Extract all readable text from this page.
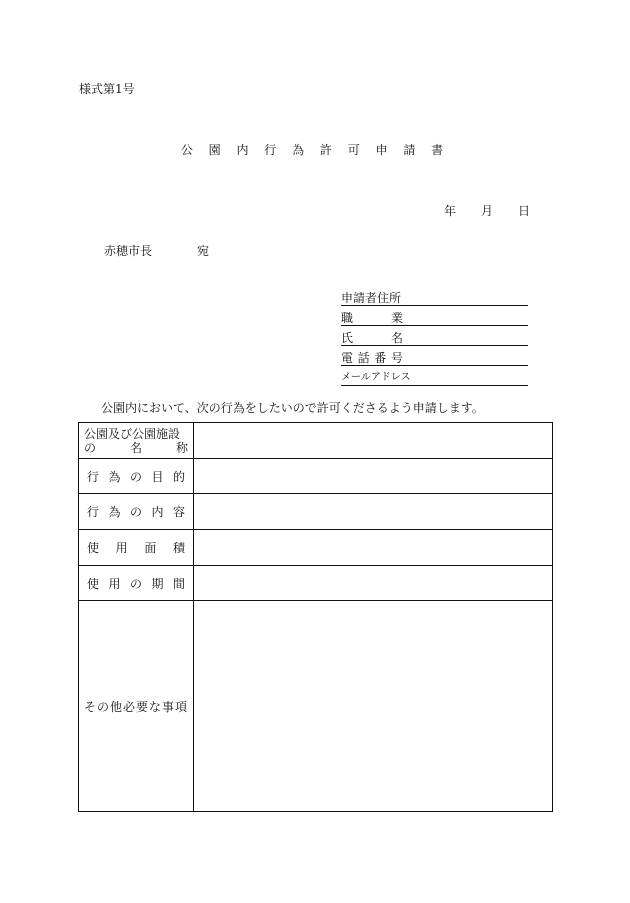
様式第1号
公 園 内 行 為 許 可 申 請 書
年	月	日
赤穂市長	宛
申請者住所
職	業
氏	名
電 話 番 号
メールアドレス
公園内において、次の行為をしたいので許可くださるよう申請します。
公園及び公園施設
の 名 称	

行 為 の 目 的	

行 為 の 内 容	

使 用 面 積	

使 用 の 期 間	

その他必要な事項	
